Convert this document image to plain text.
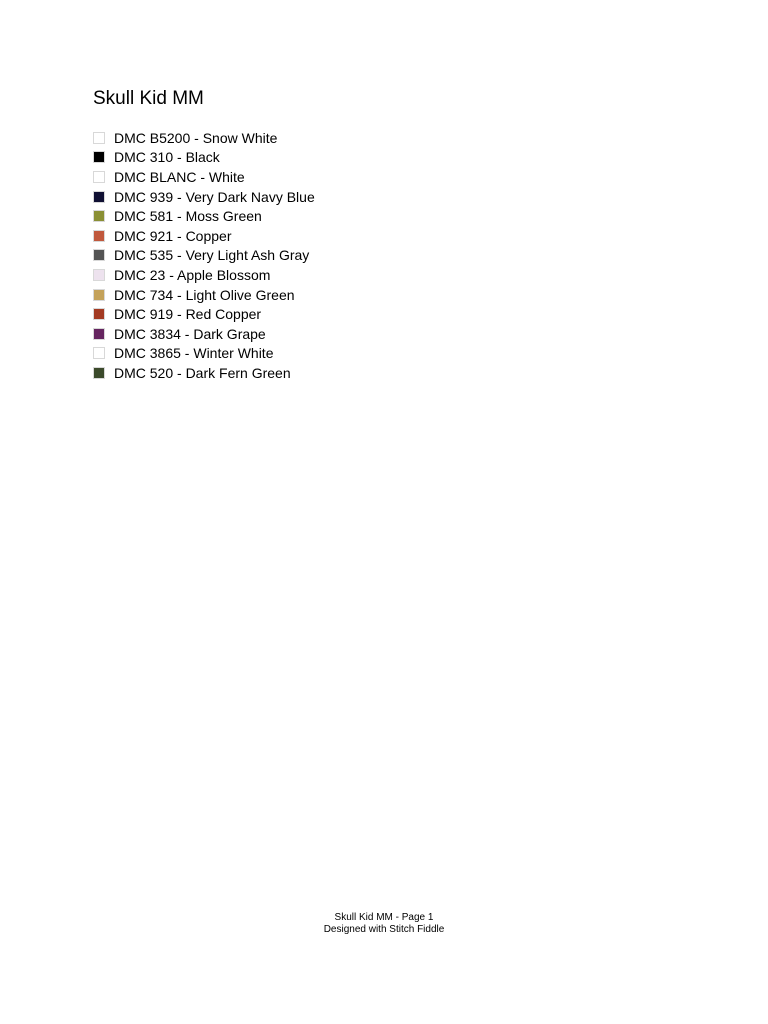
Skull Kid MM
DMC B5200 - Snow White
DMC 310 - Black
DMC BLANC - White
DMC 939 - Very Dark Navy Blue
DMC 581 - Moss Green
DMC 921 - Copper
DMC 535 - Very Light Ash Gray
DMC 23 - Apple Blossom
DMC 734 - Light Olive Green
DMC 919 - Red Copper
DMC 3834 - Dark Grape
DMC 3865 - Winter White
DMC 520 - Dark Fern Green
Skull Kid MM - Page 1
Designed with Stitch Fiddle
